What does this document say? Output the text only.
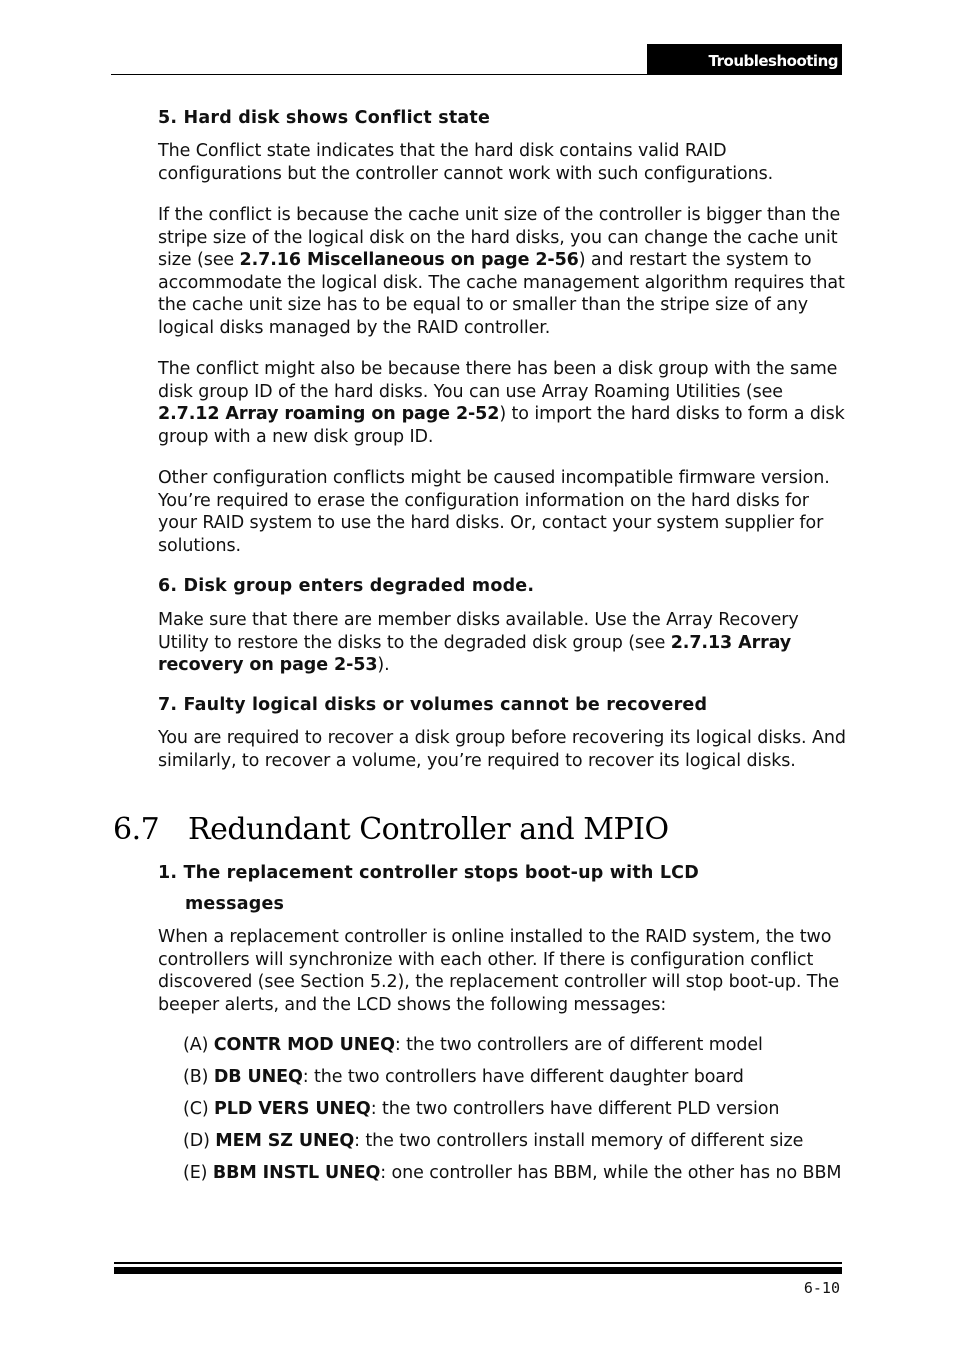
Troubleshooting
5. Hard disk shows Conflict state
The Conflict state indicates that the hard disk contains valid RAID configurations but the controller cannot work with such configurations.
If the conflict is because the cache unit size of the controller is bigger than the stripe size of the logical disk on the hard disks, you can change the cache unit size (see 2.7.16 Miscellaneous on page 2-56) and restart the system to accommodate the logical disk. The cache management algorithm requires that the cache unit size has to be equal to or smaller than the stripe size of any logical disks managed by the RAID controller.
The conflict might also be because there has been a disk group with the same disk group ID of the hard disks. You can use Array Roaming Utilities (see 2.7.12 Array roaming on page 2-52) to import the hard disks to form a disk group with a new disk group ID.
Other configuration conflicts might be caused incompatible firmware version. You’re required to erase the configuration information on the hard disks for your RAID system to use the hard disks. Or, contact your system supplier for solutions.
6. Disk group enters degraded mode.
Make sure that there are member disks available. Use the Array Recovery Utility to restore the disks to the degraded disk group (see 2.7.13 Array recovery on page 2-53).
7. Faulty logical disks or volumes cannot be recovered
You are required to recover a disk group before recovering its logical disks. And similarly, to recover a volume, you’re required to recover its logical disks.
1. The replacement controller stops boot-up with LCD
messages
When a replacement controller is online installed to the RAID system, the two controllers will synchronize with each other. If there is configuration conflict discovered (see Section 5.2), the replacement controller will stop boot-up. The beeper alerts, and the LCD shows the following messages:
6.7 Redundant Controller and MPIO
(A) CONTR MOD UNEQ: the two controllers are of different model
(B) DB UNEQ: the two controllers have different daughter board
(C) PLD VERS UNEQ: the two controllers have different PLD version
(D) MEM SZ UNEQ: the two controllers install memory of different size
(E) BBM INSTL UNEQ: one controller has BBM, while the other has no BBM
6-10
